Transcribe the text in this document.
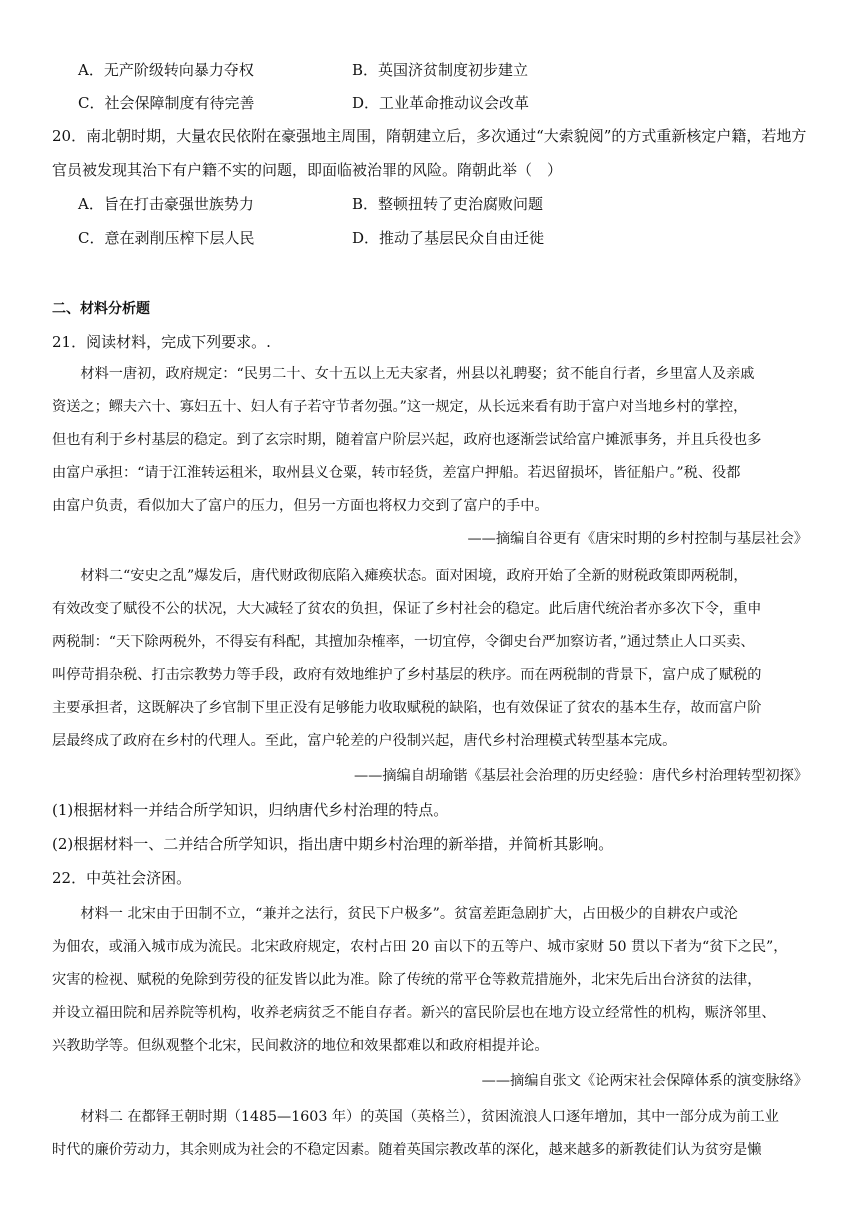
A．无产阶级转向暴力夺权	B．英国济贫制度初步建立
C．社会保障制度有待完善	D．工业革命推动议会改革
20．南北朝时期，大量农民依附在豪强地主周围，隋朝建立后，多次通过“大索貌阅”的方式重新核定户籍，若地方
官员被发现其治下有户籍不实的问题，即面临被治罪的风险。隋朝此举（　）
A．旨在打击豪强世族势力	B．整顿扭转了吏治腐败问题
C．意在剥削压榨下层人民	D．推动了基层民众自由迁徙
二、材料分析题
21．阅读材料，完成下列要求。.
　　材料一唐初，政府规定：“民男二十、女十五以上无夫家者，州县以礼聘娶；贫不能自行者，乡里富人及亲戚
资送之；鳏夫六十、寡妇五十、妇人有子若守节者勿强。”这一规定，从长远来看有助于富户对当地乡村的掌控，
但也有利于乡村基层的稳定。到了玄宗时期，随着富户阶层兴起，政府也逐渐尝试给富户摊派事务，并且兵役也多
由富户承担：“请于江淮转运租米，取州县义仓粟，转市轻货，差富户押船。若迟留损坏，皆征船户。”税、役都
由富户负责，看似加大了富户的压力，但另一方面也将权力交到了富户的手中。
——摘编自谷更有《唐宋时期的乡村控制与基层社会》
　　材料二“安史之乱”爆发后，唐代财政彻底陷入瘫痪状态。面对困境，政府开始了全新的财税政策即两税制，
有效改变了赋役不公的状况，大大减轻了贫农的负担，保证了乡村社会的稳定。此后唐代统治者亦多次下令，重申
两税制：“天下除两税外，不得妄有科配，其擅加杂榷率，一切宜停，令御史台严加察访者，”通过禁止人口买卖、
叫停苛捐杂税、打击宗教势力等手段，政府有效地维护了乡村基层的秩序。而在两税制的背景下，富户成了赋税的
主要承担者，这既解决了乡官制下里正没有足够能力收取赋税的缺陷，也有效保证了贫农的基本生存，故而富户阶
层最终成了政府在乡村的代理人。至此，富户轮差的户役制兴起，唐代乡村治理模式转型基本完成。
——摘编自胡瑜锴《基层社会治理的历史经验：唐代乡村治理转型初探》
(1)根据材料一并结合所学知识，归纳唐代乡村治理的特点。
(2)根据材料一、二并结合所学知识，指出唐中期乡村治理的新举措，并简析其影响。
22．中英社会济困。
　　材料一 北宋由于田制不立，“兼并之法行，贫民下户极多”。贫富差距急剧扩大，占田极少的自耕农户或沦
为佃农，或涌入城市成为流民。北宋政府规定，农村占田 20 亩以下的五等户、城市家财 50 贯以下者为“贫下之民”，
灾害的检视、赋税的免除到劳役的征发皆以此为准。除了传统的常平仓等救荒措施外，北宋先后出台济贫的法律，
并设立福田院和居养院等机构，收养老病贫乏不能自存者。新兴的富民阶层也在地方设立经常性的机构，赈济邻里、
兴教助学等。但纵观整个北宋，民间救济的地位和效果都难以和政府相提并论。
——摘编自张文《论两宋社会保障体系的演变脉络》
　　材料二 在都铎王朝时期（1485—1603 年）的英国（英格兰），贫困流浪人口逐年增加，其中一部分成为前工业
时代的廉价劳动力，其余则成为社会的不稳定因素。随着英国宗教改革的深化，越来越多的新教徒们认为贫穷是懒
